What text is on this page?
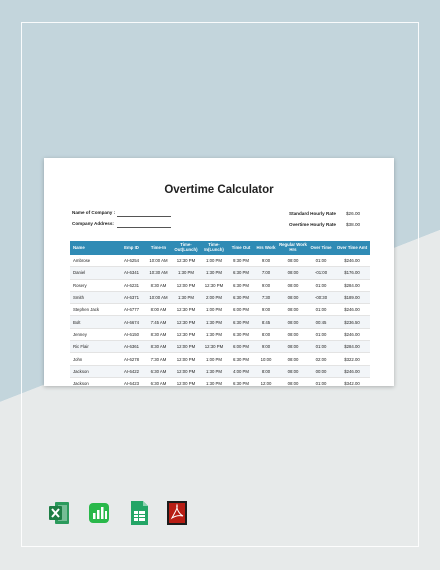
Overtime Calculator
Name of Company :
Company Address:
Standard Hourly Rate $26.00
Overtime Hourly Rate $38.00
Name	Emp ID	Time-In	Time-Out(Lunch)	Time-In(Lunch)	Time Out	Hrs Work	Regular Work Hrs	Over Time	Over Time Amt
Ambrose	AI-6254	10:00 AM	12:30 PM	1:00 PM	9:30 PM	9:00	08:00	01:00	$246.00
Daniel	AI-6341	10:30 AM	1:30 PM	1:30 PM	6:30 PM	7:00	08:00	-01:00	$176.00
Rosery	AI-6231	8:30 AM	12:00 PM	12:30 PM	6:30 PM	9:00	08:00	01:00	$284.00
Smith	AI-6371	10:00 AM	1:30 PM	2:00 PM	6:30 PM	7:30	08:00	-00:30	$189.00
Stephen Jack	AI-6777	8:00 AM	12:30 PM	1:00 PM	6:00 PM	9:00	08:00	01:00	$246.00
Bolt	AI-6674	7:45 AM	12:30 PM	1:30 PM	6:30 PM	8:45	08:00	00:45	$236.50
Jenney	AI-6150	8:30 AM	12:30 PM	1:30 PM	6:30 PM	8:00	08:00	01:00	$246.00
Ric Flair	AI-6361	8:30 AM	12:00 PM	12:30 PM	6:00 PM	9:00	08:00	01:00	$284.00
John	AI-6278	7:30 AM	12:00 PM	1:00 PM	6:30 PM	10:00	08:00	02:00	$322.00
Jackson	AI-6422	6:30 AM	12:00 PM	1:30 PM	4:00 PM	8:00	08:00	00:00	$246.00
Jackson	AI-6423	6:30 AM	12:00 PM	1:30 PM	6:30 PM	12:00	08:00	01:00	$342.00
